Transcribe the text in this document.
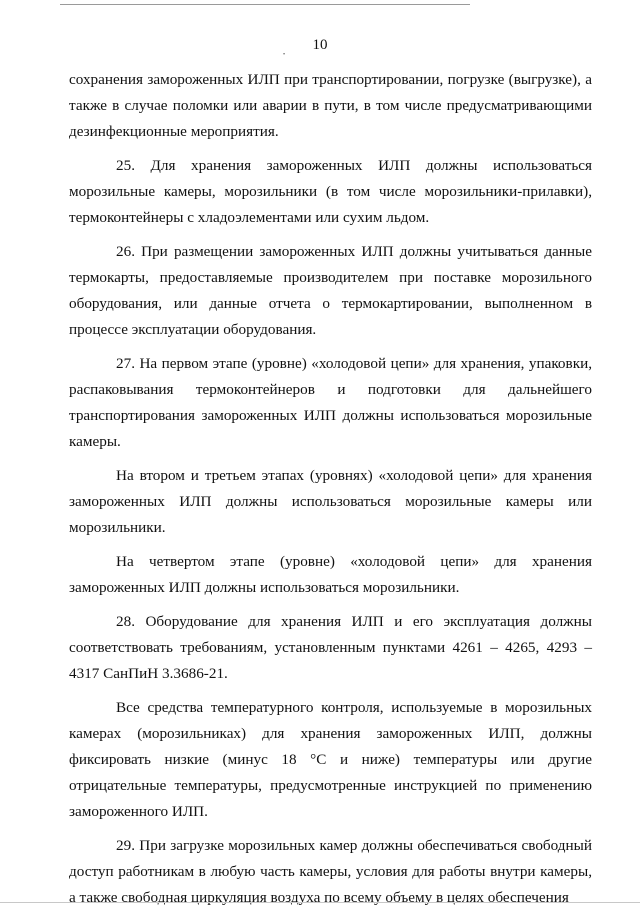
•
10

сохранения замороженных ИЛП при транспортировании, погрузке (выгрузке), а также в случае поломки или аварии в пути, в том числе предусматривающими дезинфекционные мероприятия.

25. Для хранения замороженных ИЛП должны использоваться морозильные камеры, морозильники (в том числе морозильники-прилавки), термоконтейнеры с хладоэлементами или сухим льдом.

26. При размещении замороженных ИЛП должны учитываться данные термокарты, предоставляемые производителем при поставке морозильного оборудования, или данные отчета о термокартировании, выполненном в процессе эксплуатации оборудования.

27. На первом этапе (уровне) «холодовой цепи» для хранения, упаковки, распаковывания термоконтейнеров и подготовки для дальнейшего транспортирования замороженных ИЛП должны использоваться морозильные камеры.

На втором и третьем этапах (уровнях) «холодовой цепи» для хранения замороженных ИЛП должны использоваться морозильные камеры или морозильники.

На четвертом этапе (уровне) «холодовой цепи» для хранения замороженных ИЛП должны использоваться морозильники.

28. Оборудование для хранения ИЛП и его эксплуатация должны соответствовать требованиям, установленным пунктами 4261 – 4265, 4293 – 4317 СанПиН 3.3686-21.

Все средства температурного контроля, используемые в морозильных камерах (морозильниках) для хранения замороженных ИЛП, должны фиксировать низкие (минус 18 °С и ниже) температуры или другие отрицательные температуры, предусмотренные инструкцией по применению замороженного ИЛП.

29. При загрузке морозильных камер должны обеспечиваться свободный доступ работникам в любую часть камеры, условия для работы внутри камеры, а также свободная циркуляция воздуха по всему объему в целях обеспечения
